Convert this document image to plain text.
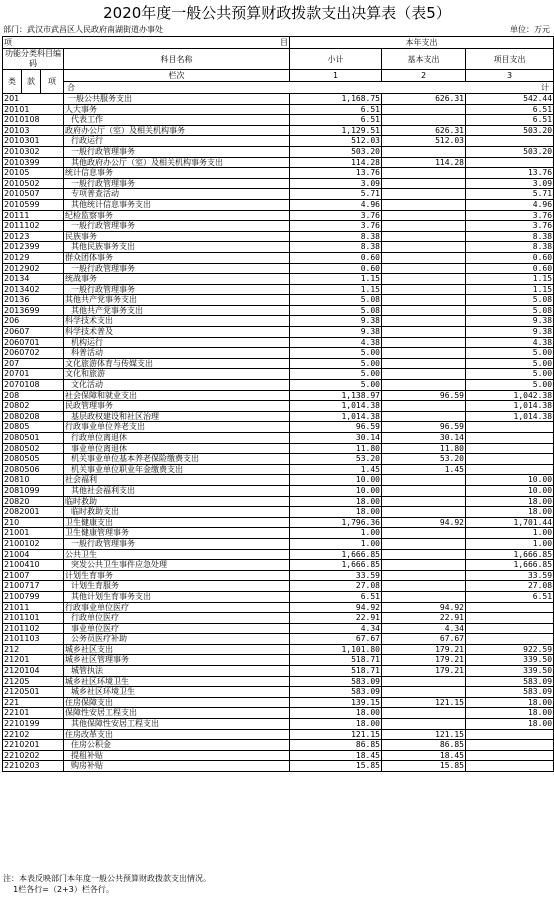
2020年度一般公共预算财政拨款支出决算表（表5）
部门：武汉市武昌区人民政府南湖街道办事处	单位：万元
项			目	本年支出			
功能分类科目编码			科目名称	小计	基本支出	项目支出	

类	款	项	栏次	1	2	3	

			合 计

201			一般公共服务支出	1,168.75	626.31	542.44	
20101			人大事务	6.51		6.51	
2010108			代表工作	6.51		6.51	
20103			政府办公厅（室）及相关机构事务	1,129.51	626.31	503.20	
2010301			行政运行	512.03	512.03		
2010302			一般行政管理事务	503.20		503.20	
2010399			其他政府办公厅（室）及相关机构事务支出	114.28	114.28		
20105			统计信息事务	13.76		13.76	
2010502			一般行政管理事务	3.09		3.09	
2010507			专项普查活动	5.71		5.71	
2010599			其他统计信息事务支出	4.96		4.96	
20111			纪检监察事务	3.76		3.76	
2011102			一般行政管理事务	3.76		3.76	
20123			民族事务	8.38		8.38	
2012399			其他民族事务支出	8.38		8.38	
20129			群众团体事务	0.60		0.60	
2012902			一般行政管理事务	0.60		0.60	
20134			统战事务	1.15		1.15	
2013402			一般行政管理事务	1.15		1.15	
20136			其他共产党事务支出	5.08		5.08	
2013699			其他共产党事务支出	5.08		5.08	
206			科学技术支出	9.38		9.38	
20607			科学技术普及	9.38		9.38	
2060701			机构运行	4.38		4.38	
2060702			科普活动	5.00		5.00	
207			文化旅游体育与传媒支出	5.00		5.00	
20701			文化和旅游	5.00		5.00	
2070108			文化活动	5.00		5.00	
208			社会保障和就业支出	1,138.97	96.59	1,042.38	
20802			民政管理事务	1,014.38		1,014.38	
2080208			基层政权建设和社区治理	1,014.38		1,014.38	
20805			行政事业单位养老支出	96.59	96.59		
2080501			行政单位离退休	30.14	30.14		
2080502			事业单位离退休	11.80	11.80		
2080505			机关事业单位基本养老保险缴费支出	53.20	53.20		
2080506			机关事业单位职业年金缴费支出	1.45	1.45		
20810			社会福利	10.00		10.00	
2081099			其他社会福利支出	10.00		10.00	
20820			临时救助	18.00		18.00	
2082001			临时救助支出	18.00		18.00	
210			卫生健康支出	1,796.36	94.92	1,701.44	
21001			卫生健康管理事务	1.00		1.00	
2100102			一般行政管理事务	1.00		1.00	
21004			公共卫生	1,666.85		1,666.85	
2100410			突发公共卫生事件应急处理	1,666.85		1,666.85	
21007			计划生育事务	33.59		33.59	
2100717			计划生育服务	27.08		27.08	
2100799			其他计划生育事务支出	6.51		6.51	
21011			行政事业单位医疗	94.92	94.92		
2101101			行政单位医疗	22.91	22.91		
2101102			事业单位医疗	4.34	4.34		
2101103			公务员医疗补助	67.67	67.67		
212			城乡社区支出	1,101.80	179.21	922.59	
21201			城乡社区管理事务	518.71	179.21	339.50	
2120104			城管执法	518.71	179.21	339.50	
21205			城乡社区环境卫生	583.09		583.09	
2120501			城乡社区环境卫生	583.09		583.09	
221			住房保障支出	139.15	121.15	18.00	
22101			保障性安居工程支出	18.00		18.00	
2210199			其他保障性安居工程支出	18.00		18.00	
22102			住房改革支出	121.15	121.15		
2210201			住房公积金	86.85	86.85		
2210202			提租补贴	18.45	18.45		
2210203			购房补贴	15.85	15.85		
注：本表反映部门本年度一般公共预算财政拨款支出情况。
1栏各行=（2+3）栏各行。
